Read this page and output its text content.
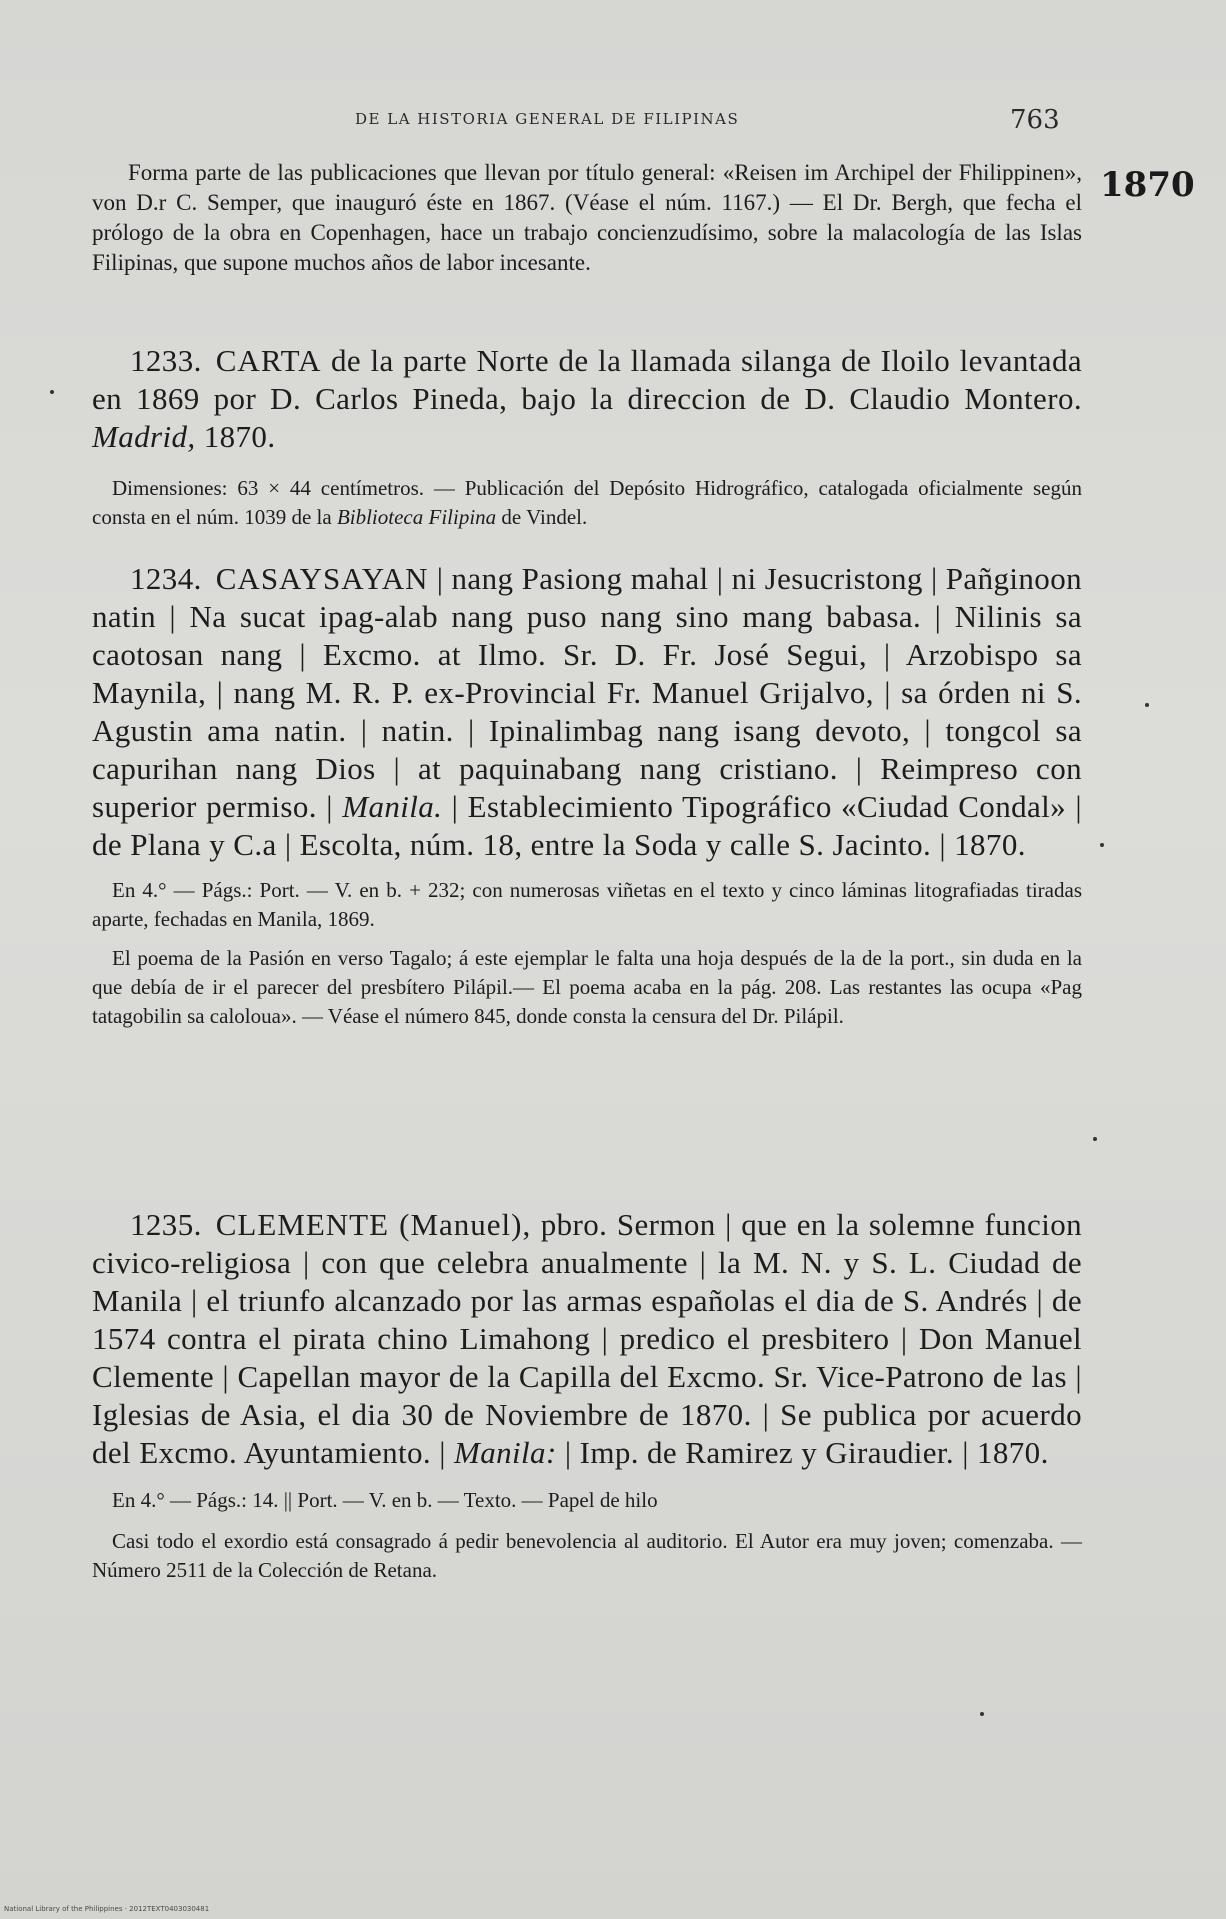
DE LA HISTORIA GENERAL DE FILIPINAS	763
1870

Forma parte de las publicaciones que llevan por título general: «Reisen im Archipel der Fhilippinen», von D.r C. Semper, que inauguró éste en 1867. (Véase el núm. 1167.) — El Dr. Bergh, que fecha el prólogo de la obra en Copenhagen, hace un trabajo concienzudísimo, sobre la malacología de las Islas Filipinas, que supone muchos años de labor incesante.

1233. CARTA de la parte Norte de la llamada silanga de Iloilo levantada en 1869 por D. Carlos Pineda, bajo la direccion de D. Claudio Montero. Madrid, 1870.

Dimensiones: 63 × 44 centímetros. — Publicación del Depósito Hidrográfico, catalogada oficialmente según consta en el núm. 1039 de la Biblioteca Filipina de Vindel.

1234. CASAYSAYAN | nang Pasiong mahal | ni Jesucristong | Pañginoon natin | Na sucat ipag-alab nang puso nang sino mang babasa. | Nilinis sa caotosan nang | Excmo. at Ilmo. Sr. D. Fr. José Segui, | Arzobispo sa Maynila, | nang M. R. P. ex-Provincial Fr. Manuel Grijalvo, | sa órden ni S. Agustin ama natin. | natin. | Ipinalimbag nang isang devoto, | tongcol sa capurihan nang Dios | at paquinabang nang cristiano. | Reimpreso con superior permiso. | Manila. | Establecimiento Tipográfico «Ciudad Condal» | de Plana y C.a | Escolta, núm. 18, entre la Soda y calle S. Jacinto. | 1870.

En 4.° — Págs.: Port. — V. en b. + 232; con numerosas viñetas en el texto y cinco láminas litografiadas tiradas aparte, fechadas en Manila, 1869.

El poema de la Pasión en verso Tagalo; á este ejemplar le falta una hoja después de la de la port., sin duda en la que debía de ir el parecer del presbítero Pilápil.— El poema acaba en la pág. 208. Las restantes las ocupa «Pag tatagobilin sa caloloua». — Véase el número 845, donde consta la censura del Dr. Pilápil.

1235. CLEMENTE (Manuel), pbro. Sermon | que en la solemne funcion civico-religiosa | con que celebra anualmente | la M. N. y S. L. Ciudad de Manila | el triunfo alcanzado por las armas españolas el dia de S. Andrés | de 1574 contra el pirata chino Limahong | predico el presbitero | Don Manuel Clemente | Capellan mayor de la Capilla del Excmo. Sr. Vice-Patrono de las | Iglesias de Asia, el dia 30 de Noviembre de 1870. | Se publica por acuerdo del Excmo. Ayuntamiento. | Manila: | Imp. de Ramirez y Giraudier. | 1870.

En 4.° — Págs.: 14. || Port. — V. en b. — Texto. — Papel de hilo

Casi todo el exordio está consagrado á pedir benevolencia al auditorio. El Autor era muy joven; comenzaba. — Número 2511 de la Colección de Retana.

National Library of the Philippines · 2012TEXT0403030481
